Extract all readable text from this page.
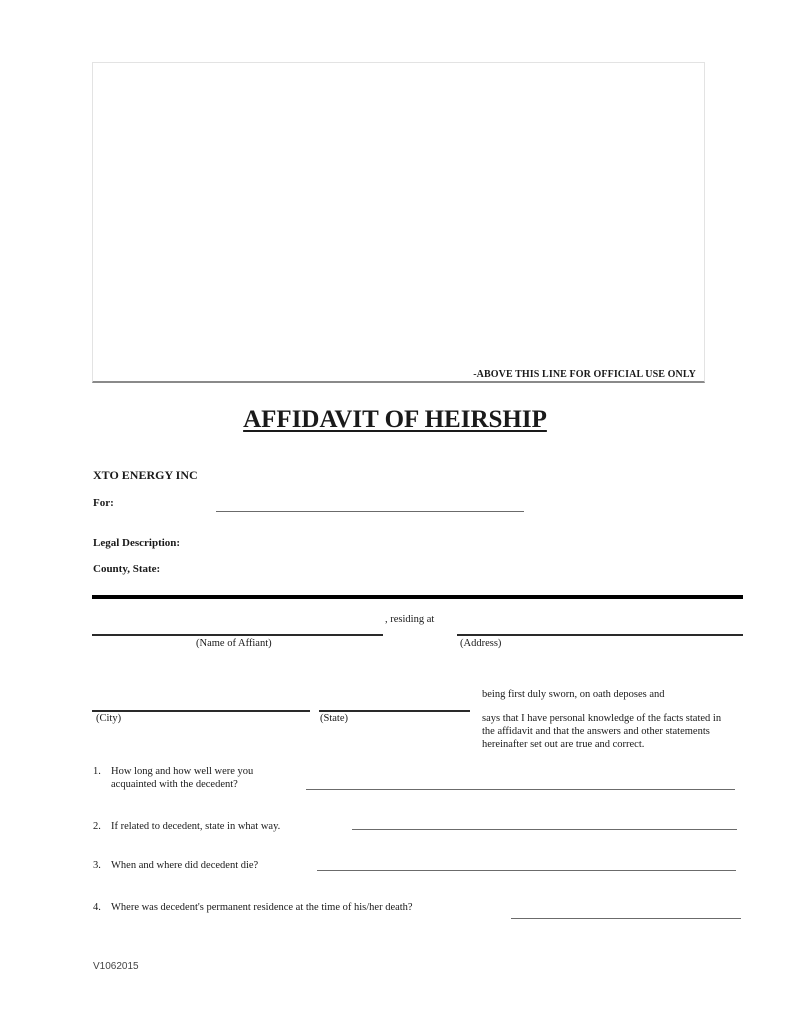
-ABOVE THIS LINE FOR OFFICIAL USE ONLY
AFFIDAVIT OF HEIRSHIP
XTO ENERGY INC
For:
Legal Description:
County, State:
, residing at
(Name of Affiant)	(Address)
being first duly sworn, on oath deposes and
(City)	(State)	says that I have personal knowledge of the facts stated in
the affidavit and that the answers and other statements
hereinafter set out are true and correct.
1. How long and how well were you
acquainted with the decedent?
2. If related to decedent, state in what way.
3. When and where did decedent die?
4. Where was decedent's permanent residence at the time of his/her death?
V1062015
